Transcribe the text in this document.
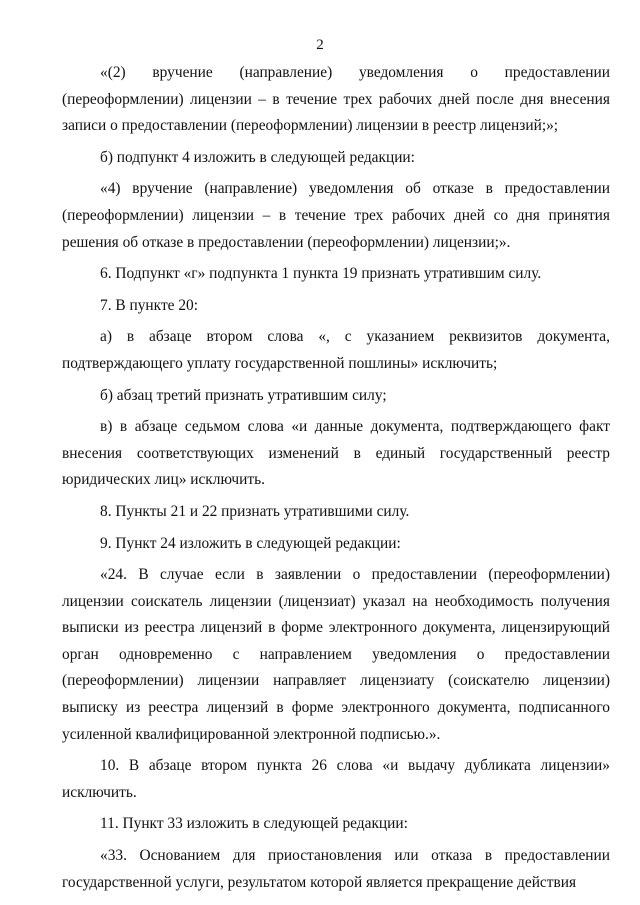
2

«(2) вручение (направление) уведомления о предоставлении (переоформлении) лицензии – в течение трех рабочих дней после дня внесения записи о предоставлении (переоформлении) лицензии в реестр лицензий;»;

б) подпункт 4 изложить в следующей редакции:

«4) вручение (направление) уведомления об отказе в предоставлении (переоформлении) лицензии – в течение трех рабочих дней со дня принятия решения об отказе в предоставлении (переоформлении) лицензии;».

6. Подпункт «г» подпункта 1 пункта 19 признать утратившим силу.

7. В пункте 20:

а) в абзаце втором слова «, с указанием реквизитов документа, подтверждающего уплату государственной пошлины» исключить;

б) абзац третий признать утратившим силу;

в) в абзаце седьмом слова «и данные документа, подтверждающего факт внесения соответствующих изменений в единый государственный реестр юридических лиц» исключить.

8. Пункты 21 и 22 признать утратившими силу.

9. Пункт 24 изложить в следующей редакции:

«24. В случае если в заявлении о предоставлении (переоформлении) лицензии соискатель лицензии (лицензиат) указал на необходимость получения выписки из реестра лицензий в форме электронного документа, лицензирующий орган одновременно с направлением уведомления о предоставлении (переоформлении) лицензии направляет лицензиату (соискателю лицензии) выписку из реестра лицензий в форме электронного документа, подписанного усиленной квалифицированной электронной подписью.».

10. В абзаце втором пункта 26 слова «и выдачу дубликата лицензии» исключить.

11. Пункт 33 изложить в следующей редакции:

«33. Основанием для приостановления или отказа в предоставлении государственной услуги, результатом которой является прекращение действия
